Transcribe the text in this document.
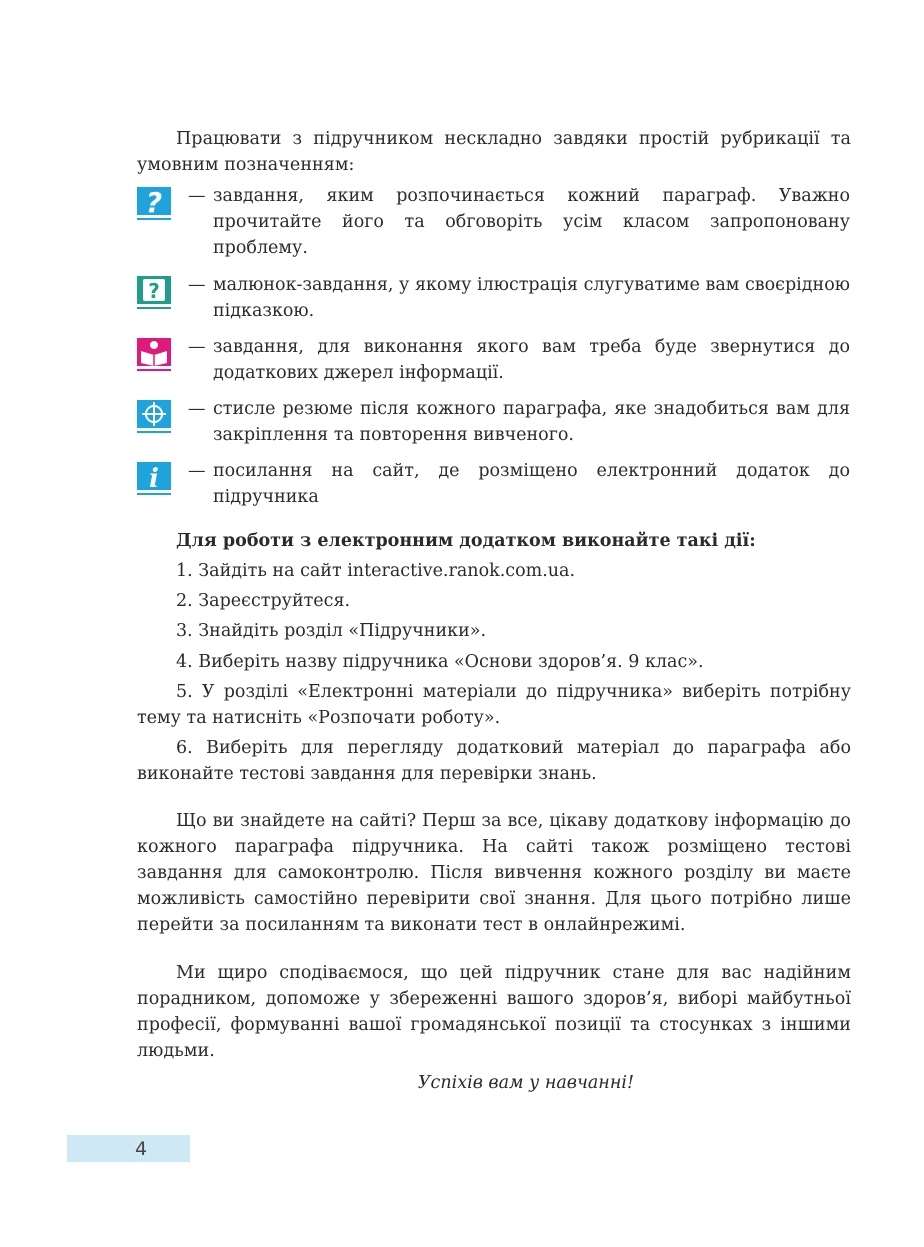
Працювати з підручником нескладно завдяки простій рубрикації та умовним позначенням:
? — завдання, яким розпочинається кожний параграф. Уважно прочитайте його та обговоріть усім класом запропоновану проблему.
? — малюнок-завдання, у якому ілюстрація слугуватиме вам своєрідною підказкою.
— завдання, для виконання якого вам треба буде звернутися до додаткових джерел інформації.
— стисле резюме після кожного параграфа, яке знадобиться вам для закріплення та повторення вивченого.
i — посилання на сайт, де розміщено електронний додаток до підручника
Для роботи з електронним додатком виконайте такі дії:
1. Зайдіть на сайт interactive.ranok.com.ua.
2. Зареєструйтеся.
3. Знайдіть розділ «Підручники».
4. Виберіть назву підручника «Основи здоров’я. 9 клас».
5. У розділі «Електронні матеріали до підручника» виберіть потрібну тему та натисніть «Розпочати роботу».
6. Виберіть для перегляду додатковий матеріал до параграфа або виконайте тестові завдання для перевірки знань.
Що ви знайдете на сайті? Перш за все, цікаву додаткову інформацію до кожного параграфа підручника. На сайті також розміщено тестові завдання для самоконтролю. Після вивчення кожного розділу ви маєте можливість самостійно перевірити свої знання. Для цього потрібно лише перейти за посиланням та виконати тест в онлайнрежимі.
Ми щиро сподіваємося, що цей підручник стане для вас надійним порадником, допоможе у збереженні вашого здоров’я, виборі майбутньої професії, формуванні вашої громадянської позиції та стосунках з іншими людьми.
Успіхів вам у навчанні!
4
